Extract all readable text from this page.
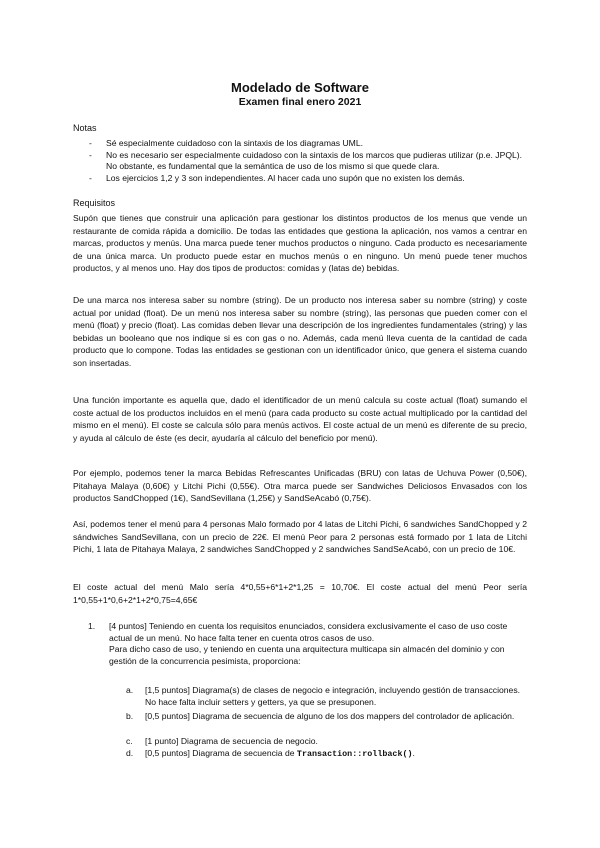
Modelado de Software
Examen final enero 2021
Notas
- Sé especialmente cuidadoso con la sintaxis de los diagramas UML.
- No es necesario ser especialmente cuidadoso con la sintaxis de los marcos que pudieras utilizar (p.e. JPQL). No obstante, es fundamental que la semántica de uso de los mismo si que quede clara.
- Los ejercicios 1,2 y 3 son independientes. Al hacer cada uno supón que no existen los demás.
Requisitos

Supón que tienes que construir una aplicación para gestionar los distintos productos de los menus que vende un restaurante de comida rápida a domicilio. De todas las entidades que gestiona la aplicación, nos vamos a centrar en marcas, productos y menús. Una marca puede tener muchos productos o ninguno. Cada producto es necesariamente de una única marca. Un producto puede estar en muchos menús o en ninguno. Un menú puede tener muchos productos, y al menos uno. Hay dos tipos de productos: comidas y (latas de) bebidas.

De una marca nos interesa saber su nombre (string). De un producto nos interesa saber su nombre (string) y coste actual por unidad (float). De un menú nos interesa saber su nombre (string), las personas que pueden comer con el menú (float) y precio (float). Las comidas deben llevar una descripción de los ingredientes fundamentales (string) y las bebidas un booleano que nos indique si es con gas o no. Además, cada menú lleva cuenta de la cantidad de cada producto que lo compone. Todas las entidades se gestionan con un identificador único, que genera el sistema cuando son insertadas.

Una función importante es aquella que, dado el identificador de un menú calcula su coste actual (float) sumando el coste actual de los productos incluidos en el menú (para cada producto su coste actual multiplicado por la cantidad del mismo en el menú). El coste se calcula sólo para menús activos. El coste actual de un menú es diferente de su precio, y ayuda al cálculo de éste (es decir, ayudaría al cálculo del beneficio por menú).

Por ejemplo, podemos tener la marca Bebidas Refrescantes Unificadas (BRU) con latas de Uchuva Power (0,50€), Pitahaya Malaya (0,60€) y Litchi Pichi (0,55€). Otra marca puede ser Sandwiches Deliciosos Envasados con los productos SandChopped (1€), SandSevillana (1,25€) y SandSeAcabó (0,75€).

Así, podemos tener el menú para 4 personas Malo formado por 4 latas de Litchi Pichi, 6 sandwiches SandChopped y 2 sándwiches SandSevillana, con un precio de 22€. El menú Peor para 2 personas está formado por 1 lata de Litchi Pichi, 1 lata de Pitahaya Malaya, 2 sandwiches SandChopped y 2 sandwiches SandSeAcabó, con un precio de 10€.

El coste actual del menú Malo sería 4*0,55+6*1+2*1,25 = 10,70€. El coste actual del menú Peor sería 1*0,55+1*0,6+2*1+2*0,75=4,65€

1. [4 puntos] Teniendo en cuenta los requisitos enunciados, considera exclusivamente el caso de uso coste actual de un menú. No hace falta tener en cuenta otros casos de uso.
Para dicho caso de uso, y teniendo en cuenta una arquitectura multicapa sin almacén del dominio y con gestión de la concurrencia pesimista, proporciona:
a. [1,5 puntos] Diagrama(s) de clases de negocio e integración, incluyendo gestión de transacciones. No hace falta incluir setters y getters, ya que se presuponen.
b. [0,5 puntos] Diagrama de secuencia de alguno de los dos mappers del controlador de aplicación.
c. [1 punto] Diagrama de secuencia de negocio.
d. [0,5 puntos] Diagrama de secuencia de Transaction::rollback().
